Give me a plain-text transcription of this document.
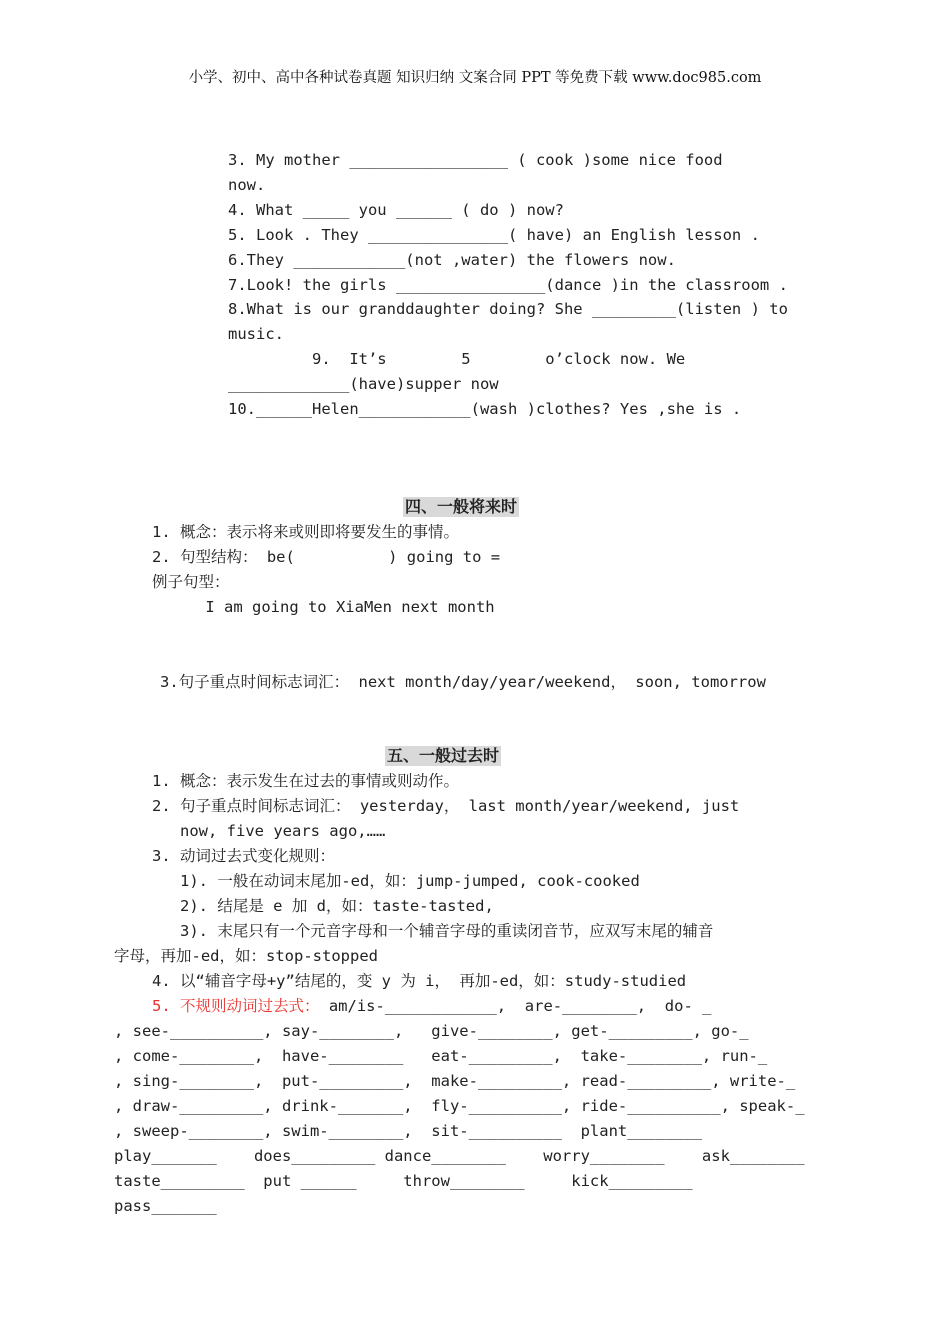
小学、初中、高中各种试卷真题 知识归纳 文案合同 PPT 等免费下载 www.doc985.com
3. My mother _________________ ( cook )some nice food
now.
4. What _____ you ______ ( do ) now?
5. Look . They _______________( have) an English lesson .
6.They ____________(not ,water) the flowers now.
7.Look! the girls ________________(dance )in the classroom .
8.What is our granddaughter doing? She _________(listen ) to
music.
9.  It’s        5        o’clock now. We
_____________(have)supper now
10.______Helen____________(wash )clothes? Yes ,she is .
四、一般将来时
1. 概念：表示将来或则即将要发生的事情。
2. 句型结构： be(          ) going to =
例子句型：
I am going to XiaMen next month
3.句子重点时间标志词汇： next month/day/year/weekend， soon, tomorrow
五、一般过去时
1. 概念：表示发生在过去的事情或则动作。
2. 句子重点时间标志词汇： yesterday， last month/year/weekend, just
now, five years ago,……
3. 动词过去式变化规则：
1). 一般在动词末尾加-ed，如：jump-jumped, cook-cooked
2). 结尾是 e 加 d，如：taste-tasted,
3). 末尾只有一个元音字母和一个辅音字母的重读闭音节，应双写末尾的辅音
字母，再加-ed，如：stop-stopped
4. 以“辅音字母+y”结尾的，变 y 为 i， 再加-ed，如：study-studied
5. 不规则动词过去式： am/is-____________,  are-________,  do- _
, see-__________, say-________,   give-________, get-_________, go-_
, come-________,  have-________   eat-_________,  take-________, run-_
, sing-________,  put-_________,  make-_________, read-_________, write-_
, draw-_________, drink-_______,  fly-__________, ride-__________, speak-_
, sweep-________, swim-________,  sit-__________  plant________
play_______    does_________ dance________    worry________    ask________
taste_________  put ______     throw________     kick_________
pass_______
